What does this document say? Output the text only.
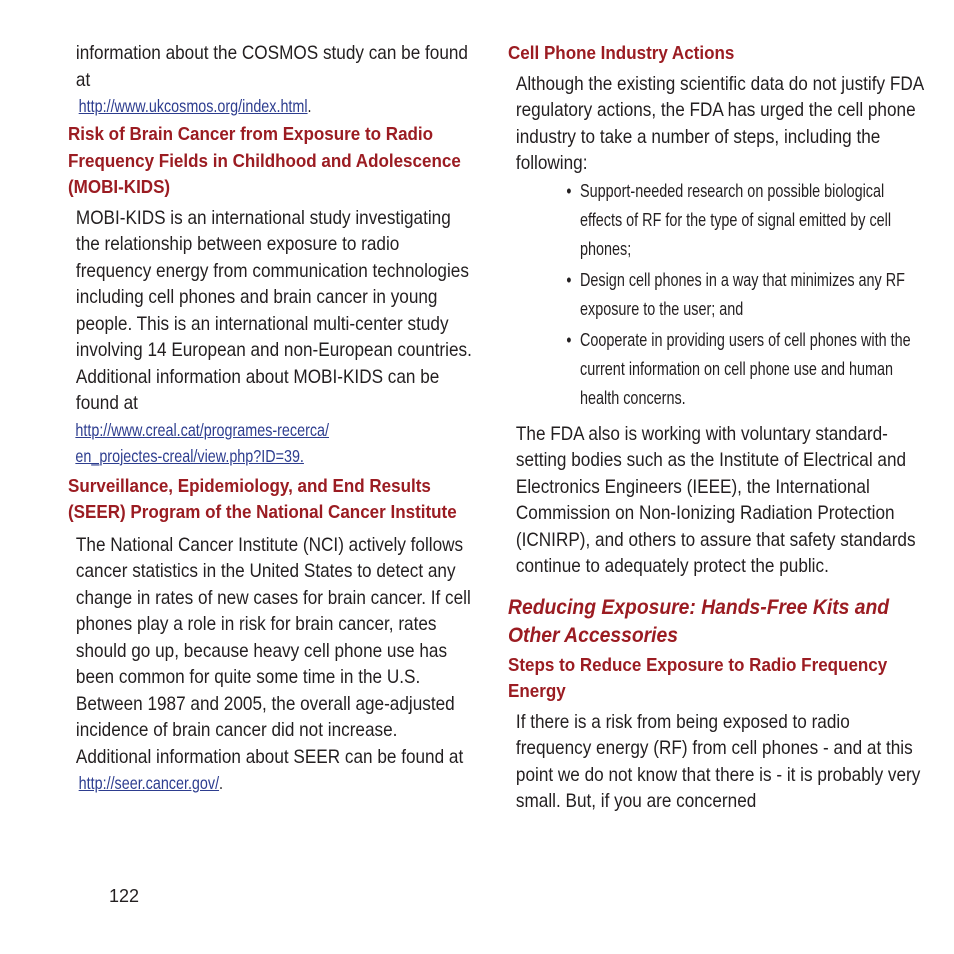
information about the COSMOS study can be found at

http://www.ukcosmos.org/index.html.

Risk of Brain Cancer from Exposure to Radio Frequency Fields in Childhood and Adolescence (MOBI-KIDS)

MOBI-KIDS is an international study investigating the relationship between exposure to radio frequency energy from communication technologies including cell phones and brain cancer in young people. This is an international multi-center study involving 14 European and non-European countries. Additional information about MOBI-KIDS can be found at

http://www.creal.cat/programes-recerca/

en_projectes-creal/view.php?ID=39.

Surveillance, Epidemiology, and End Results (SEER) Program of the National Cancer Institute

The National Cancer Institute (NCI) actively follows cancer statistics in the United States to detect any change in rates of new cases for brain cancer. If cell phones play a role in risk for brain cancer, rates should go up, because heavy cell phone use has been common for quite some time in the U.S. Between 1987 and 2005, the overall age-adjusted incidence of brain cancer did not increase. Additional information about SEER can be found at

http://seer.cancer.gov/.

Cell Phone Industry Actions

Although the existing scientific data do not justify FDA regulatory actions, the FDA has urged the cell phone industry to take a number of steps, including the following:

• Support-needed research on possible biological effects of RF for the type of signal emitted by cell phones;
• Design cell phones in a way that minimizes any RF exposure to the user; and
• Cooperate in providing users of cell phones with the current information on cell phone use and human health concerns.

The FDA also is working with voluntary standard-setting bodies such as the Institute of Electrical and Electronics Engineers (IEEE), the International Commission on Non-Ionizing Radiation Protection (ICNIRP), and others to assure that safety standards continue to adequately protect the public.

Reducing Exposure: Hands-Free Kits and Other Accessories
Steps to Reduce Exposure to Radio Frequency Energy

If there is a risk from being exposed to radio frequency energy (RF) from cell phones - and at this point we do not know that there is - it is probably very small. But, if you are concerned

122
